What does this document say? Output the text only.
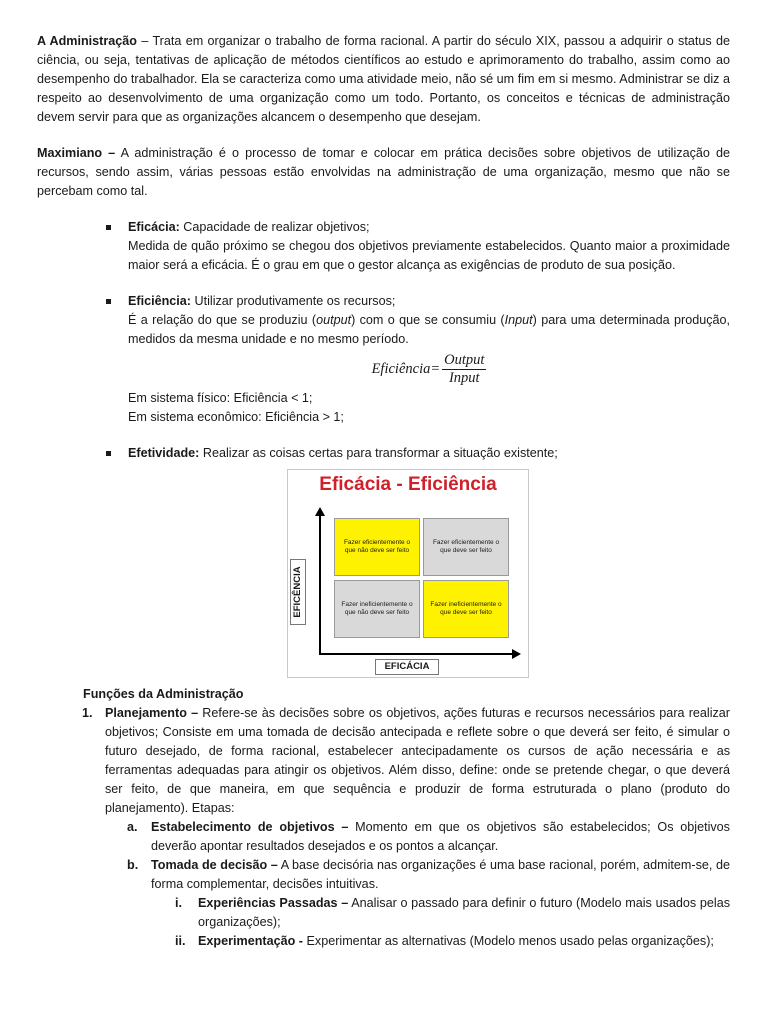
A Administração – Trata em organizar o trabalho de forma racional. A partir do século XIX, passou a adquirir o status de ciência, ou seja, tentativas de aplicação de métodos científicos ao estudo e aprimoramento do trabalho, assim como ao desempenho do trabalhador. Ela se caracteriza como uma atividade meio, não sé um fim em si mesmo. Administrar se diz a respeito ao desenvolvimento de uma organização como um todo. Portanto, os conceitos e técnicas de administração devem servir para que as organizações alcancem o desempenho que desejam.

Maximiano – A administração é o processo de tomar e colocar em prática decisões sobre objetivos de utilização de recursos, sendo assim, várias pessoas estão envolvidas na administração de uma organização, mesmo que não se percebam como tal.

Eficácia: Capacidade de realizar objetivos;
Medida de quão próximo se chegou dos objetivos previamente estabelecidos. Quanto maior a proximidade maior será a eficácia. É o grau em que o gestor alcança as exigências de produto de sua posição.
Eficiência: Utilizar produtivamente os recursos;
É a relação do que se produziu (output) com o que se consumiu (Input) para uma determinada produção, medidos da mesma unidade e no mesmo período.
Eficiência = $\frac{\text{Output}}{\text{Input}}$
Em sistema físico: Eficiência < 1;
Em sistema econômico: Eficiência > 1;
Efetividade: Realizar as coisas certas para transformar a situação existente;
Eficácia - Eficiência
Fazer eficientemente o que não deve ser feito
Fazer eficientemente o que deve ser feito
Fazer ineficientemente o que não deve ser feito
Fazer ineficientemente o que deve ser feito
EFICÊNCIA
EFICÁCIA
Funções da Administração
1. Planejamento – Refere-se às decisões sobre os objetivos, ações futuras e recursos necessários para realizar objetivos; Consiste em uma tomada de decisão antecipada e reflete sobre o que deverá ser feito, é simular o futuro desejado, de forma racional, estabelecer antecipadamente os cursos de ação necessária e as ferramentas adequadas para atingir os objetivos. Além disso, define: onde se pretende chegar, o que deverá ser feito, de que maneira, em que sequência e produzir de forma estruturada o plano (produto do planejamento). Etapas:
a. Estabelecimento de objetivos – Momento em que os objetivos são estabelecidos; Os objetivos deverão apontar resultados desejados e os pontos a alcançar.
b. Tomada de decisão – A base decisória nas organizações é uma base racional, porém, admitem-se, de forma complementar, decisões intuitivas.
i. Experiências Passadas – Analisar o passado para definir o futuro (Modelo mais usados pelas organizações);
ii. Experimentação - Experimentar as alternativas (Modelo menos usado pelas organizações);
